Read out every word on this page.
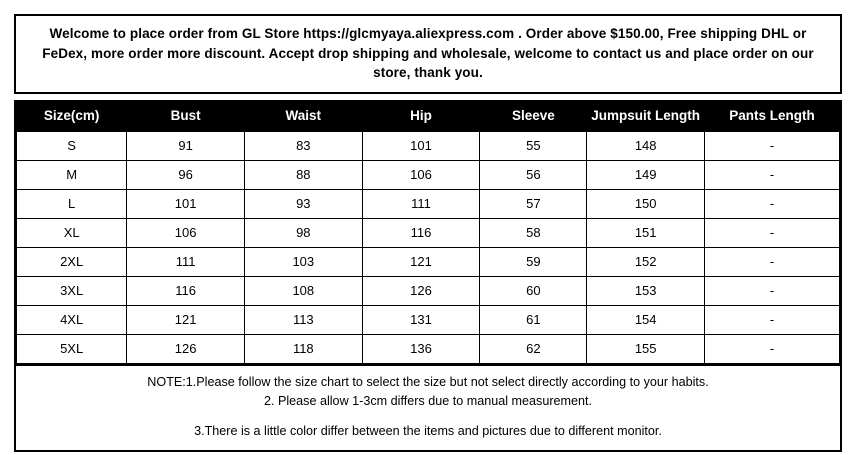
Welcome to place order from GL Store https://glcmyaya.aliexpress.com . Order above $150.00, Free shipping DHL or FeDex, more order more discount. Accept drop shipping and wholesale, welcome to contact us and place order on our store, thank you.
Size(cm)	Bust	Waist	Hip	Sleeve	Jumpsuit Length	Pants Length
S	91	83	101	55	148	-
M	96	88	106	56	149	-
L	101	93	111	57	150	-
XL	106	98	116	58	151	-
2XL	111	103	121	59	152	-
3XL	116	108	126	60	153	-
4XL	121	113	131	61	154	-
5XL	126	118	136	62	155	-
NOTE:1.Please follow the size chart to select the size but not select directly according to your habits.
2. Please allow 1-3cm differs due to manual measurement.
3.There is a little color differ between the items and pictures due to different monitor.
